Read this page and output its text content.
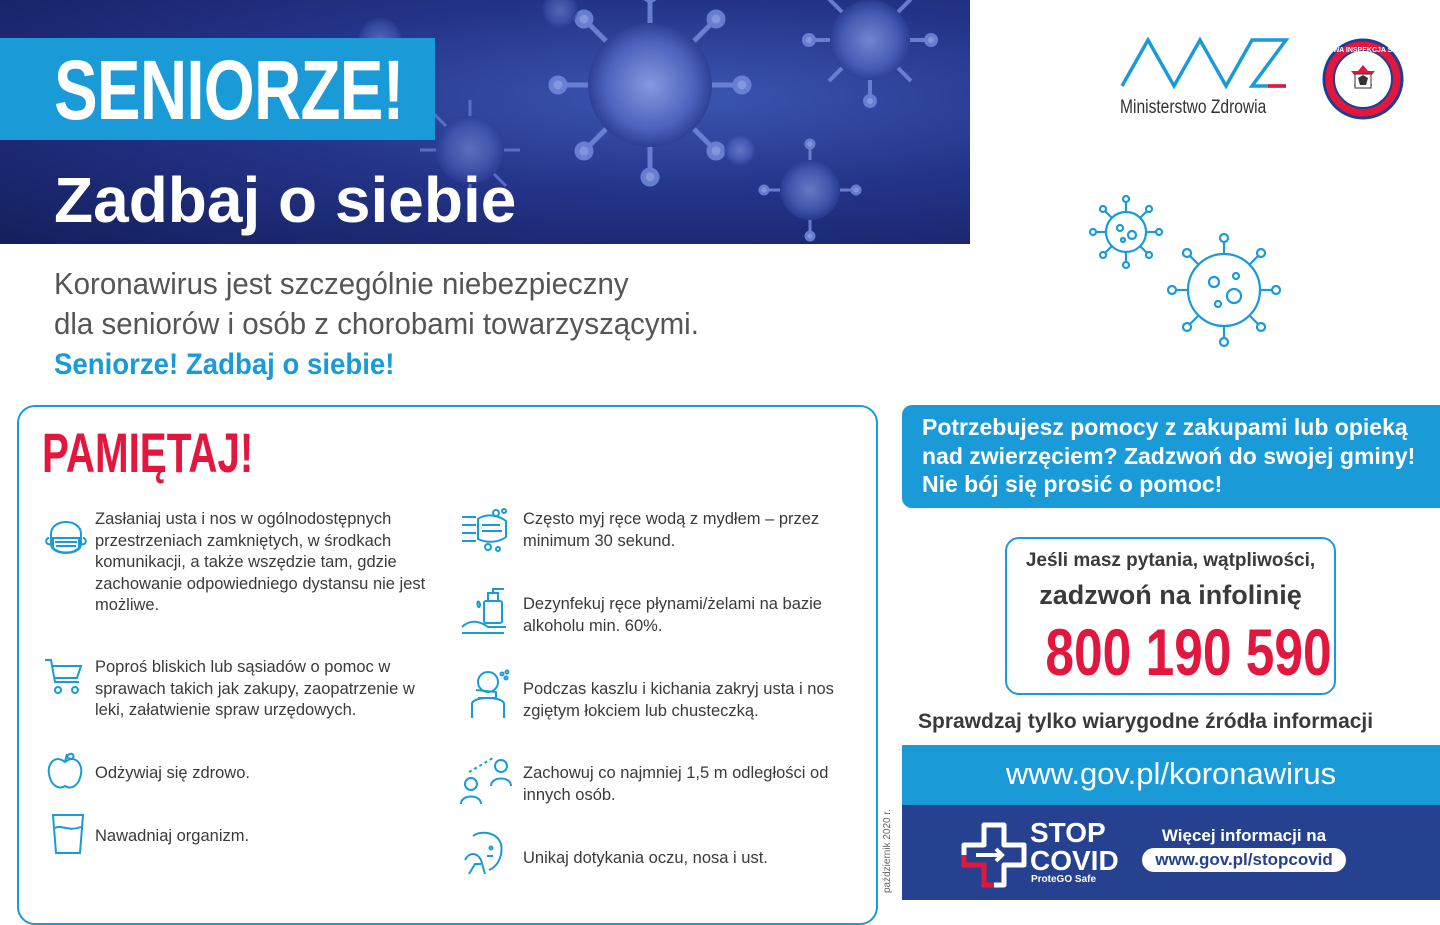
SENIORZE!
Zadbaj o siebie
Ministerstwo Zdrowia
PAŃSTWOWA INSPEKCJA SANITARNA
Koronawirus jest szczególnie niebezpieczny
dla seniorów i osób z chorobami towarzyszącymi.
Seniorze! Zadbaj o siebie!
PAMIĘTAJ!
Zasłaniaj usta i nos w ogólnodostępnych przestrzeniach zamkniętych, w środkach komunikacji, a także wszędzie tam, gdzie zachowanie odpowiedniego dystansu nie jest możliwe.
Poproś bliskich lub sąsiadów o pomoc w sprawach takich jak zakupy, zaopatrzenie w leki, załatwienie spraw urzędowych.
Odżywiaj się zdrowo.
Nawadniaj organizm.
Często myj ręce wodą z mydłem – przez minimum 30 sekund.
Dezynfekuj ręce płynami/żelami na bazie alkoholu min. 60%.
Podczas kaszlu i kichania zakryj usta i nos zgiętym łokciem lub chusteczką.
Zachowuj co najmniej 1,5 m odległości od innych osób.
Unikaj dotykania oczu, nosa i ust.	październik 2020 r.
Potrzebujesz pomocy z zakupami lub opieką nad zwierzęciem? Zadzwoń do swojej gminy! Nie bój się prosić o pomoc!
Jeśli masz pytania, wątpliwości,
zadzwoń na infolinię
800 190 590
Sprawdzaj tylko wiarygodne źródła informacji
www.gov.pl/koronawirus
STOP
COVID
ProteGO Safe
Więcej informacji na
www.gov.pl/stopcovid
